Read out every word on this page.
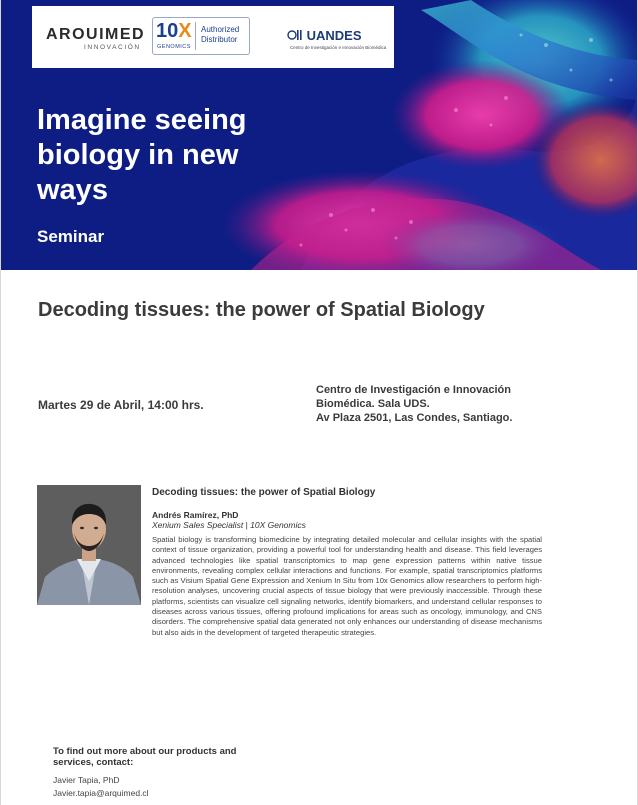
AROUIMED
INNOVACIÓN
10X
GENOMICS
Authorized Distributor	UANDES
Centro de Investigación e Innovación Biomédica
Imagine seeing biology in new ways
Seminar
Decoding tissues: the power of Spatial Biology
Martes 29 de Abril, 14:00 hrs.
Centro de Investigación e Innovación
Biomédica. Sala UDS.
Av Plaza 2501, Las Condes, Santiago.
Decoding tissues: the power of Spatial Biology
Andrés Ramírez, PhD
Xenium Sales Specialist | 10X Genomics

Spatial biology is transforming biomedicine by integrating detailed molecular and cellular insights with the spatial context of tissue organization, providing a powerful tool for understanding health and disease. This field leverages advanced technologies like spatial transcriptomics to map gene expression patterns within native tissue environments, revealing complex cellular interactions and functions. For example, spatial transcriptomics platforms such as Visium Spatial Gene Expression and Xenium In Situ from 10x Genomics allow researchers to perform high-resolution analyses, uncovering crucial aspects of tissue biology that were previously inaccessible. Through these platforms, scientists can visualize cell signaling networks, identify biomarkers, and understand cellular responses to diseases across various tissues, offering profound implications for areas such as oncology, immunology, and CNS disorders. The comprehensive spatial data generated not only enhances our understanding of disease mechanisms but also aids in the development of targeted therapeutic strategies.

To find out more about our products and services, contact:
Javier Tapia, PhD
Javier.tapia@arquimed.cl
